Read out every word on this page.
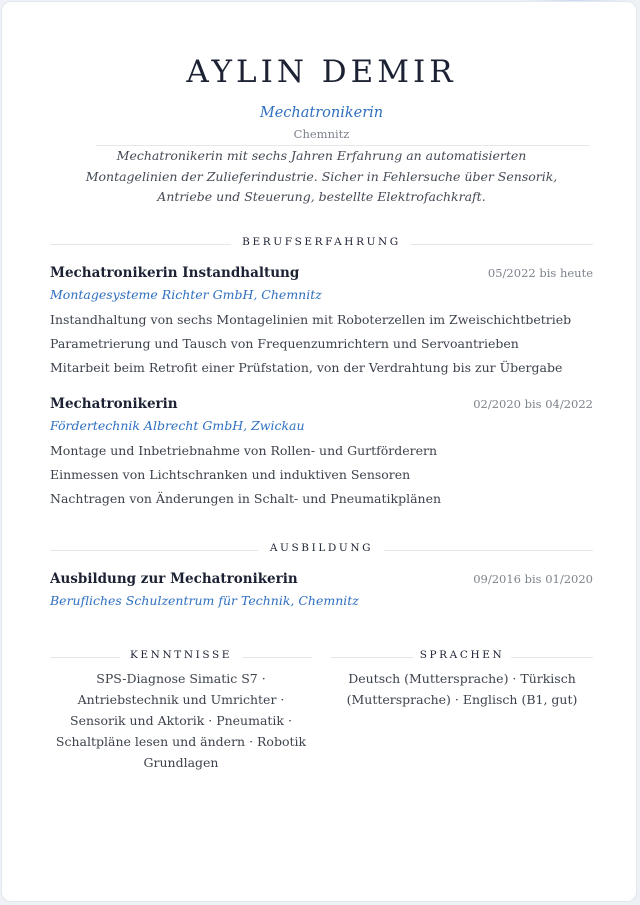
AYLIN DEMIR
Mechatronikerin
Chemnitz
Mechatronikerin mit sechs Jahren Erfahrung an automatisierten Montagelinien der Zulieferindustrie. Sicher in Fehlersuche über Sensorik, Antriebe und Steuerung, bestellte Elektrofachkraft.
BERUFSERFAHRUNG
Mechatronikerin Instandhaltung	05/2022 bis heute
Montagesysteme Richter GmbH, Chemnitz
Instandhaltung von sechs Montagelinien mit Roboterzellen im Zweischichtbetrieb
Parametrierung und Tausch von Frequenzumrichtern und Servoantrieben
Mitarbeit beim Retrofit einer Prüfstation, von der Verdrahtung bis zur Übergabe
Mechatronikerin	02/2020 bis 04/2022
Fördertechnik Albrecht GmbH, Zwickau
Montage und Inbetriebnahme von Rollen- und Gurtförderern
Einmessen von Lichtschranken und induktiven Sensoren
Nachtragen von Änderungen in Schalt- und Pneumatikplänen
AUSBILDUNG
Ausbildung zur Mechatronikerin	09/2016 bis 01/2020
Berufliches Schulzentrum für Technik, Chemnitz
KENNTNISSE
SPS-Diagnose Simatic S7 · Antriebstechnik und Umrichter · Sensorik und Aktorik · Pneumatik · Schaltpläne lesen und ändern · Robotik Grundlagen
SPRACHEN
Deutsch (Muttersprache) · Türkisch (Muttersprache) · Englisch (B1, gut)
